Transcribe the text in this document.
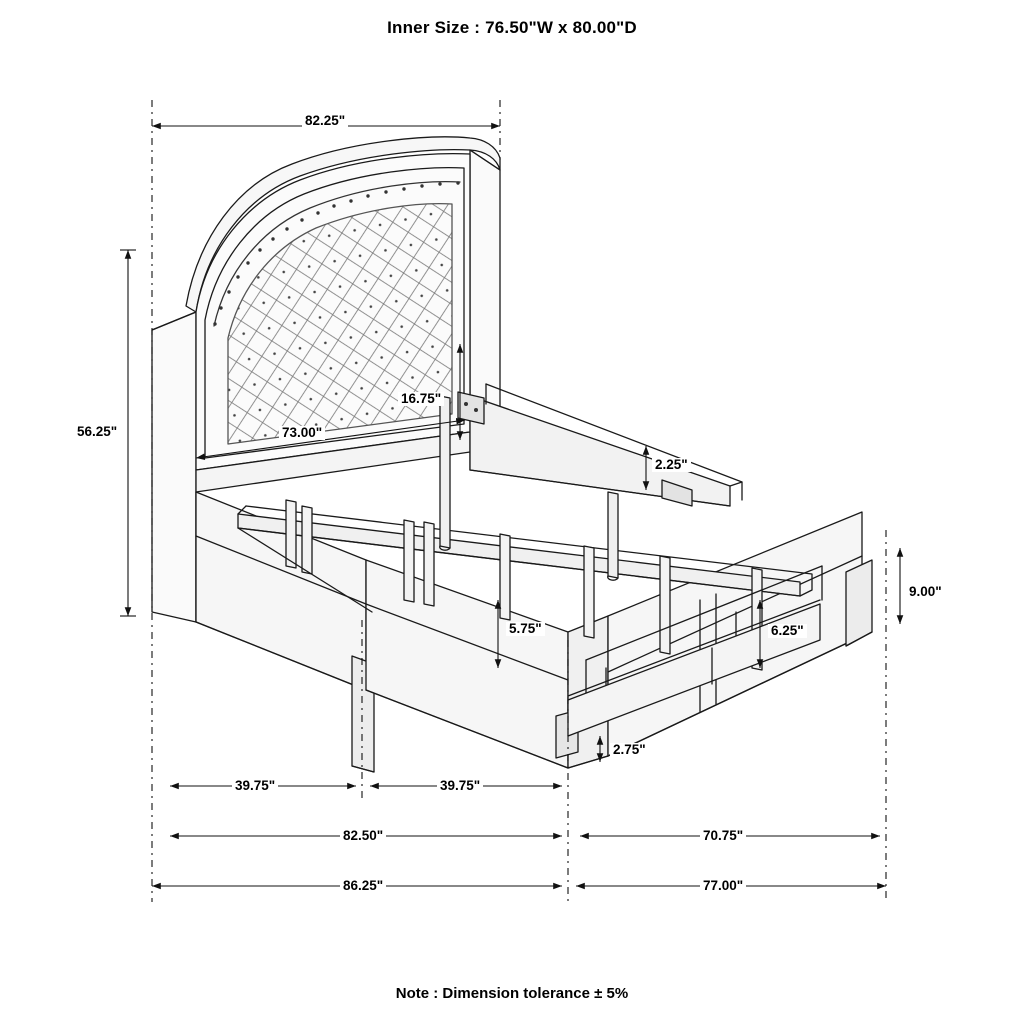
Inner Size : 76.50"W x 80.00"D
82.25"
56.25"	73.00"
16.75"
2.25"
9.00"
5.75"	6.25"
2.75"
39.75"	39.75"
82.50"	70.75"
86.25"	77.00"
Note : Dimension tolerance ± 5%
